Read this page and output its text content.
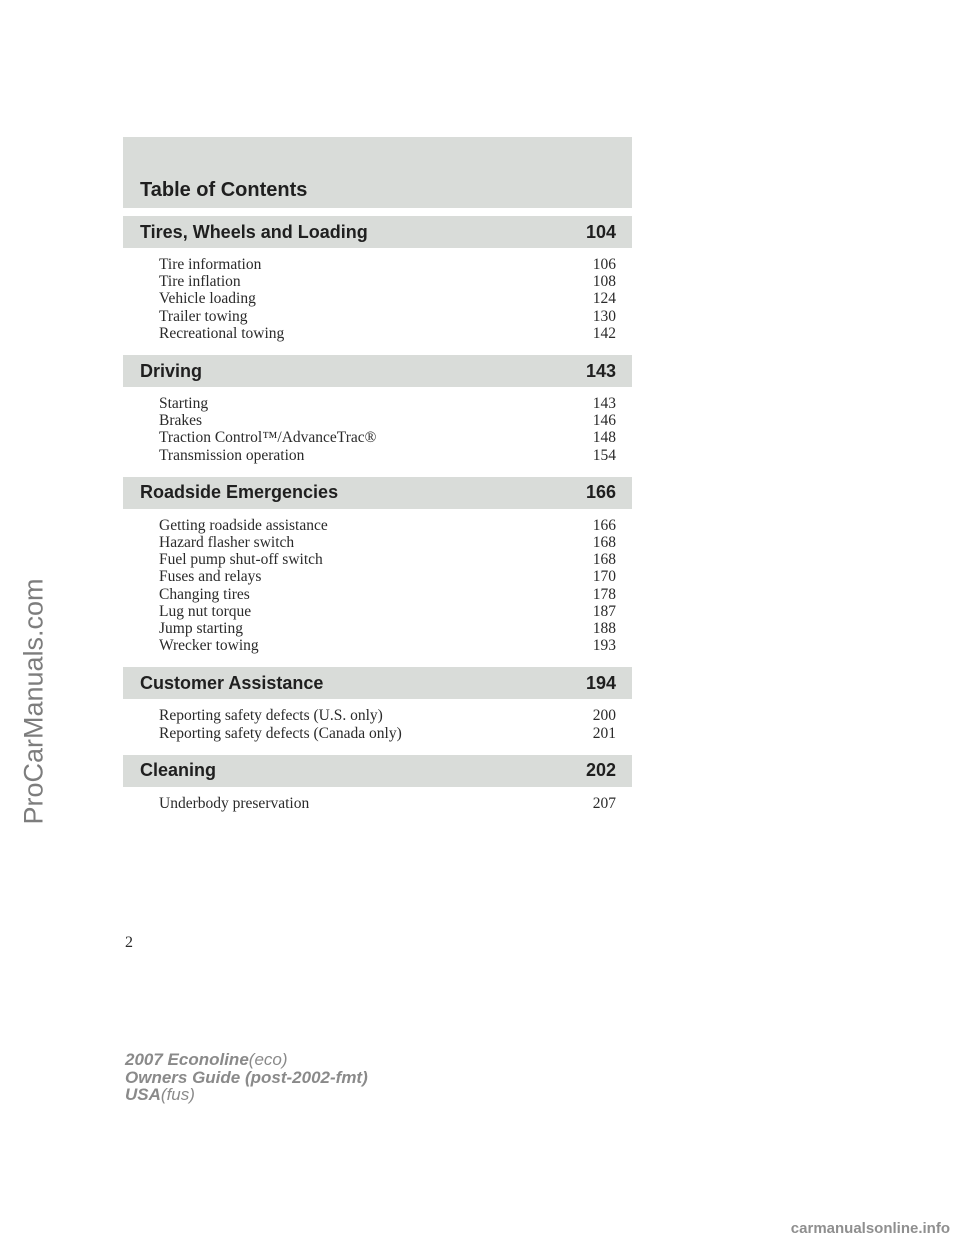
Table of Contents
Tires, Wheels and Loading	104
Tire information	106
Tire inflation	108
Vehicle loading	124
Trailer towing	130
Recreational towing	142
Driving	143
Starting	143
Brakes	146
Traction Control™/AdvanceTrac®	148
Transmission operation	154
Roadside Emergencies	166
Getting roadside assistance	166
Hazard flasher switch	168
Fuel pump shut-off switch	168
Fuses and relays	170
Changing tires	178
Lug nut torque	187
Jump starting	188
Wrecker towing	193
Customer Assistance	194
Reporting safety defects (U.S. only)	200
Reporting safety defects (Canada only)	201
Cleaning	202
Underbody preservation	207
2
2007 Econoline(eco)
Owners Guide (post-2002-fmt)
USA(fus)
ProCarManuals.com
carmanualsonline.info
